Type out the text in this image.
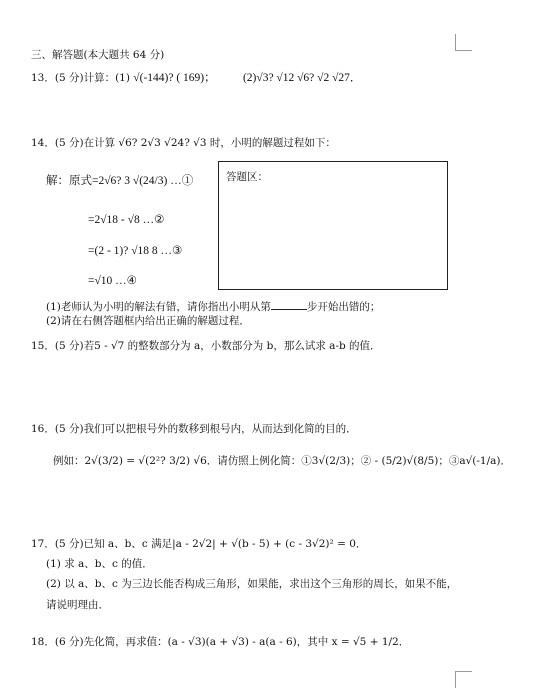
三、解答题(本大题共 64 分)
13．(5 分)计算：(1) √(-144)? ( 169)； (2)√3? √12 √6? √2 √27．
14．(5 分)在计算 √6? 2√3 √24? √3 时，小明的解题过程如下：
解：原式=2√6? 3 √(24/3) …①
=2√18 - √8 …②
=(2 - 1)? √18 8 …③
=√10 …④
答题区：
(1)老师认为小明的解法有错，请你指出小明从第	步开始出错的；
(2)请在右侧答题框内给出正确的解题过程．
15．(5 分)若5 - √7 的整数部分为 a，小数部分为 b，那么试求 a-b 的值．
16．(5 分)我们可以把根号外的数移到根号内，从而达到化简的目的．
例如：2√(3/2) = √(2²? 3/2) √6．请仿照上例化简：①3√(2/3)；② - (5/2)√(8/5)；③a√(-1/a)．
17．(5 分)已知 a、b、c 满足|a - 2√2| + √(b - 5) + (c - 3√2)² = 0．
(1) 求 a、b、c 的值．
(2) 以 a、b、c 为三边长能否构成三角形，如果能，求出这个三角形的周长，如果不能，
请说明理由．
18．(6 分)先化简，再求值：(a - √3)(a + √3) - a(a - 6)，其中 x = √5 + 1/2．
